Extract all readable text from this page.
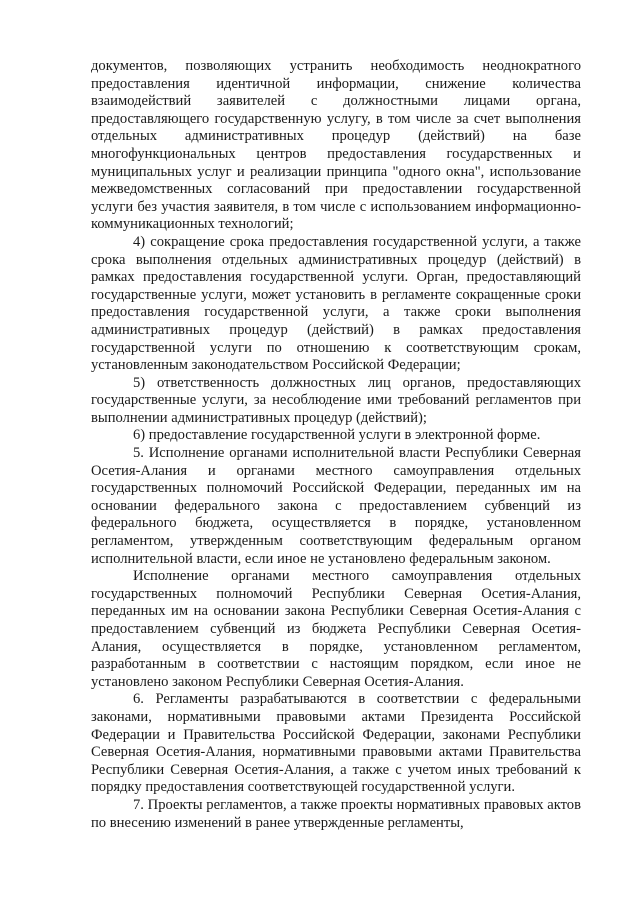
документов, позволяющих устранить необходимость неоднократного предоставления идентичной информации, снижение количества взаимодействий заявителей с должностными лицами органа, предоставляющего государственную услугу, в том числе за счет выполнения отдельных административных процедур (действий) на базе многофункциональных центров предоставления государственных и муниципальных услуг и реализации принципа "одного окна", использование межведомственных согласований при предоставлении государственной услуги без участия заявителя, в том числе с использованием информационно-коммуникационных технологий;

4) сокращение срока предоставления государственной услуги, а также срока выполнения отдельных административных процедур (действий) в рамках предоставления государственной услуги. Орган, предоставляющий государственные услуги, может установить в регламенте сокращенные сроки предоставления государственной услуги, а также сроки выполнения административных процедур (действий) в рамках предоставления государственной услуги по отношению к соответствующим срокам, установленным законодательством Российской Федерации;

5) ответственность должностных лиц органов, предоставляющих государственные услуги, за несоблюдение ими требований регламентов при выполнении административных процедур (действий);

6) предоставление государственной услуги в электронной форме.

5. Исполнение органами исполнительной власти Республики Северная Осетия-Алания и органами местного самоуправления отдельных государственных полномочий Российской Федерации, переданных им на основании федерального закона с предоставлением субвенций из федерального бюджета, осуществляется в порядке, установленном регламентом, утвержденным соответствующим федеральным органом исполнительной власти, если иное не установлено федеральным законом.

Исполнение органами местного самоуправления отдельных государственных полномочий Республики Северная Осетия-Алания, переданных им на основании закона Республики Северная Осетия-Алания с предоставлением субвенций из бюджета Республики Северная Осетия-Алания, осуществляется в порядке, установленном регламентом, разработанным в соответствии с настоящим порядком, если иное не установлено законом Республики Северная Осетия-Алания.

6. Регламенты разрабатываются в соответствии с федеральными законами, нормативными правовыми актами Президента Российской Федерации и Правительства Российской Федерации, законами Республики Северная Осетия-Алания, нормативными правовыми актами Правительства Республики Северная Осетия-Алания, а также с учетом иных требований к порядку предоставления соответствующей государственной услуги.

7. Проекты регламентов, а также проекты нормативных правовых актов по внесению изменений в ранее утвержденные регламенты,
